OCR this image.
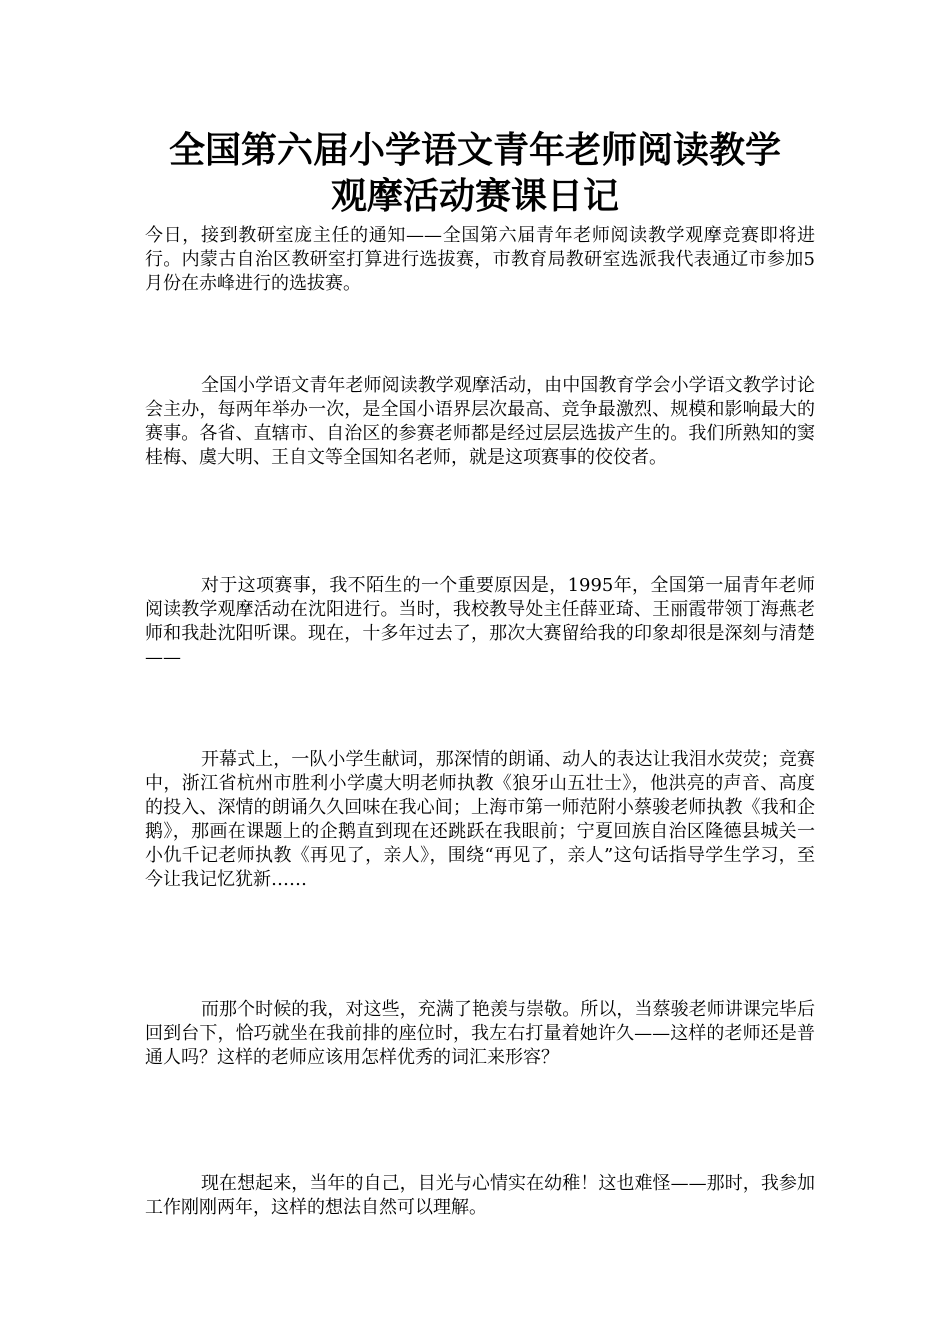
全国第六届小学语文青年老师阅读教学
观摩活动赛课日记

今日，接到教研室庞主任的通知——全国第六届青年老师阅读教学观摩竞赛即将进行。内蒙古自治区教研室打算进行选拔赛，市教育局教研室选派我代表通辽市参加5月份在赤峰进行的选拔赛。

全国小学语文青年老师阅读教学观摩活动，由中国教育学会小学语文教学讨论会主办，每两年举办一次，是全国小语界层次最高、竞争最激烈、规模和影响最大的赛事。各省、直辖市、自治区的参赛老师都是经过层层选拔产生的。我们所熟知的窦桂梅、虞大明、王自文等全国知名老师，就是这项赛事的佼佼者。

对于这项赛事，我不陌生的一个重要原因是，1995年，全国第一届青年老师阅读教学观摩活动在沈阳进行。当时，我校教导处主任薛亚琦、王丽霞带领丁海燕老师和我赴沈阳听课。现在，十多年过去了，那次大赛留给我的印象却很是深刻与清楚——

开幕式上，一队小学生献词，那深情的朗诵、动人的表达让我泪水荧荧；竞赛中，浙江省杭州市胜利小学虞大明老师执教《狼牙山五壮士》，他洪亮的声音、高度的投入、深情的朗诵久久回味在我心间；上海市第一师范附小蔡骏老师执教《我和企鹅》，那画在课题上的企鹅直到现在还跳跃在我眼前；宁夏回族自治区隆德县城关一小仇千记老师执教《再见了，亲人》，围绕“再见了，亲人”这句话指导学生学习，至今让我记忆犹新……

而那个时候的我，对这些，充满了艳羡与崇敬。所以，当蔡骏老师讲课完毕后回到台下，恰巧就坐在我前排的座位时，我左右打量着她许久——这样的老师还是普通人吗？这样的老师应该用怎样优秀的词汇来形容？

现在想起来，当年的自己，目光与心情实在幼稚！这也难怪——那时，我参加工作刚刚两年，这样的想法自然可以理解。
